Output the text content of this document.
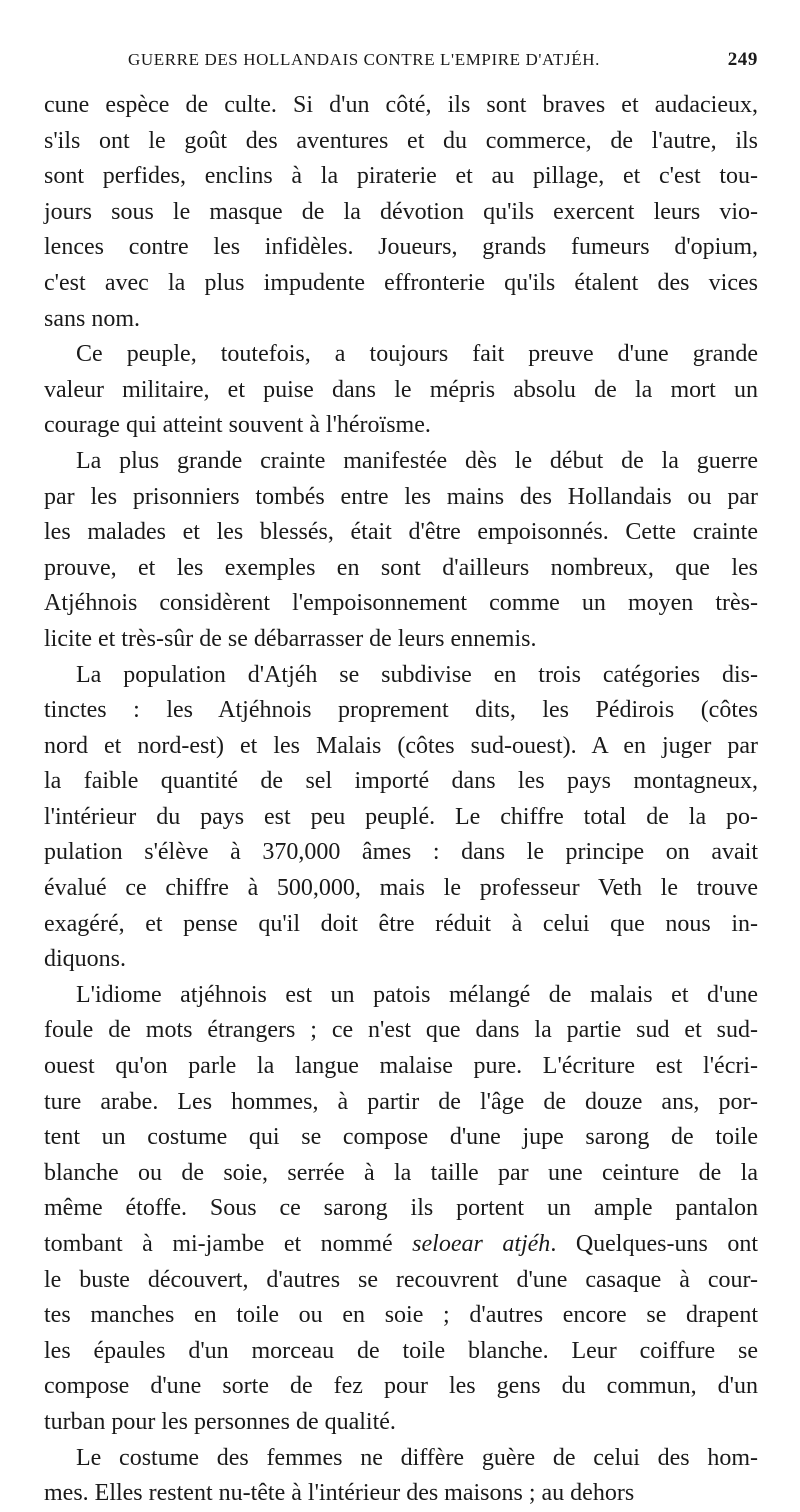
GUERRE DES HOLLANDAIS CONTRE L'EMPIRE D'ATJÉH.	249
cune espèce de culte. Si d'un côté, ils sont braves et audacieux,
s'ils ont le goût des aventures et du commerce, de l'autre, ils
sont perfides, enclins à la piraterie et au pillage, et c'est tou-
jours sous le masque de la dévotion qu'ils exercent leurs vio-
lences contre les infidèles. Joueurs, grands fumeurs d'opium,
c'est avec la plus impudente effronterie qu'ils étalent des vices
sans nom.
Ce peuple, toutefois, a toujours fait preuve d'une grande
valeur militaire, et puise dans le mépris absolu de la mort un
courage qui atteint souvent à l'héroïsme.
La plus grande crainte manifestée dès le début de la guerre
par les prisonniers tombés entre les mains des Hollandais ou par
les malades et les blessés, était d'être empoisonnés. Cette crainte
prouve, et les exemples en sont d'ailleurs nombreux, que les
Atjéhnois considèrent l'empoisonnement comme un moyen très-
licite et très-sûr de se débarrasser de leurs ennemis.
La population d'Atjéh se subdivise en trois catégories dis-
tinctes : les Atjéhnois proprement dits, les Pédirois (côtes
nord et nord-est) et les Malais (côtes sud-ouest). A en juger par
la faible quantité de sel importé dans les pays montagneux,
l'intérieur du pays est peu peuplé. Le chiffre total de la po-
pulation s'élève à 370,000 âmes : dans le principe on avait
évalué ce chiffre à 500,000, mais le professeur Veth le trouve
exagéré, et pense qu'il doit être réduit à celui que nous in-
diquons.
L'idiome atjéhnois est un patois mélangé de malais et d'une
foule de mots étrangers ; ce n'est que dans la partie sud et sud-
ouest qu'on parle la langue malaise pure. L'écriture est l'écri-
ture arabe. Les hommes, à partir de l'âge de douze ans, por-
tent un costume qui se compose d'une jupe sarong de toile
blanche ou de soie, serrée à la taille par une ceinture de la
même étoffe. Sous ce sarong ils portent un ample pantalon
tombant à mi-jambe et nommé seloear atjéh. Quelques-uns ont
le buste découvert, d'autres se recouvrent d'une casaque à cour-
tes manches en toile ou en soie ; d'autres encore se drapent
les épaules d'un morceau de toile blanche. Leur coiffure se
compose d'une sorte de fez pour les gens du commun, d'un
turban pour les personnes de qualité.
Le costume des femmes ne diffère guère de celui des hom-
mes. Elles restent nu-tête à l'intérieur des maisons ; au dehors
